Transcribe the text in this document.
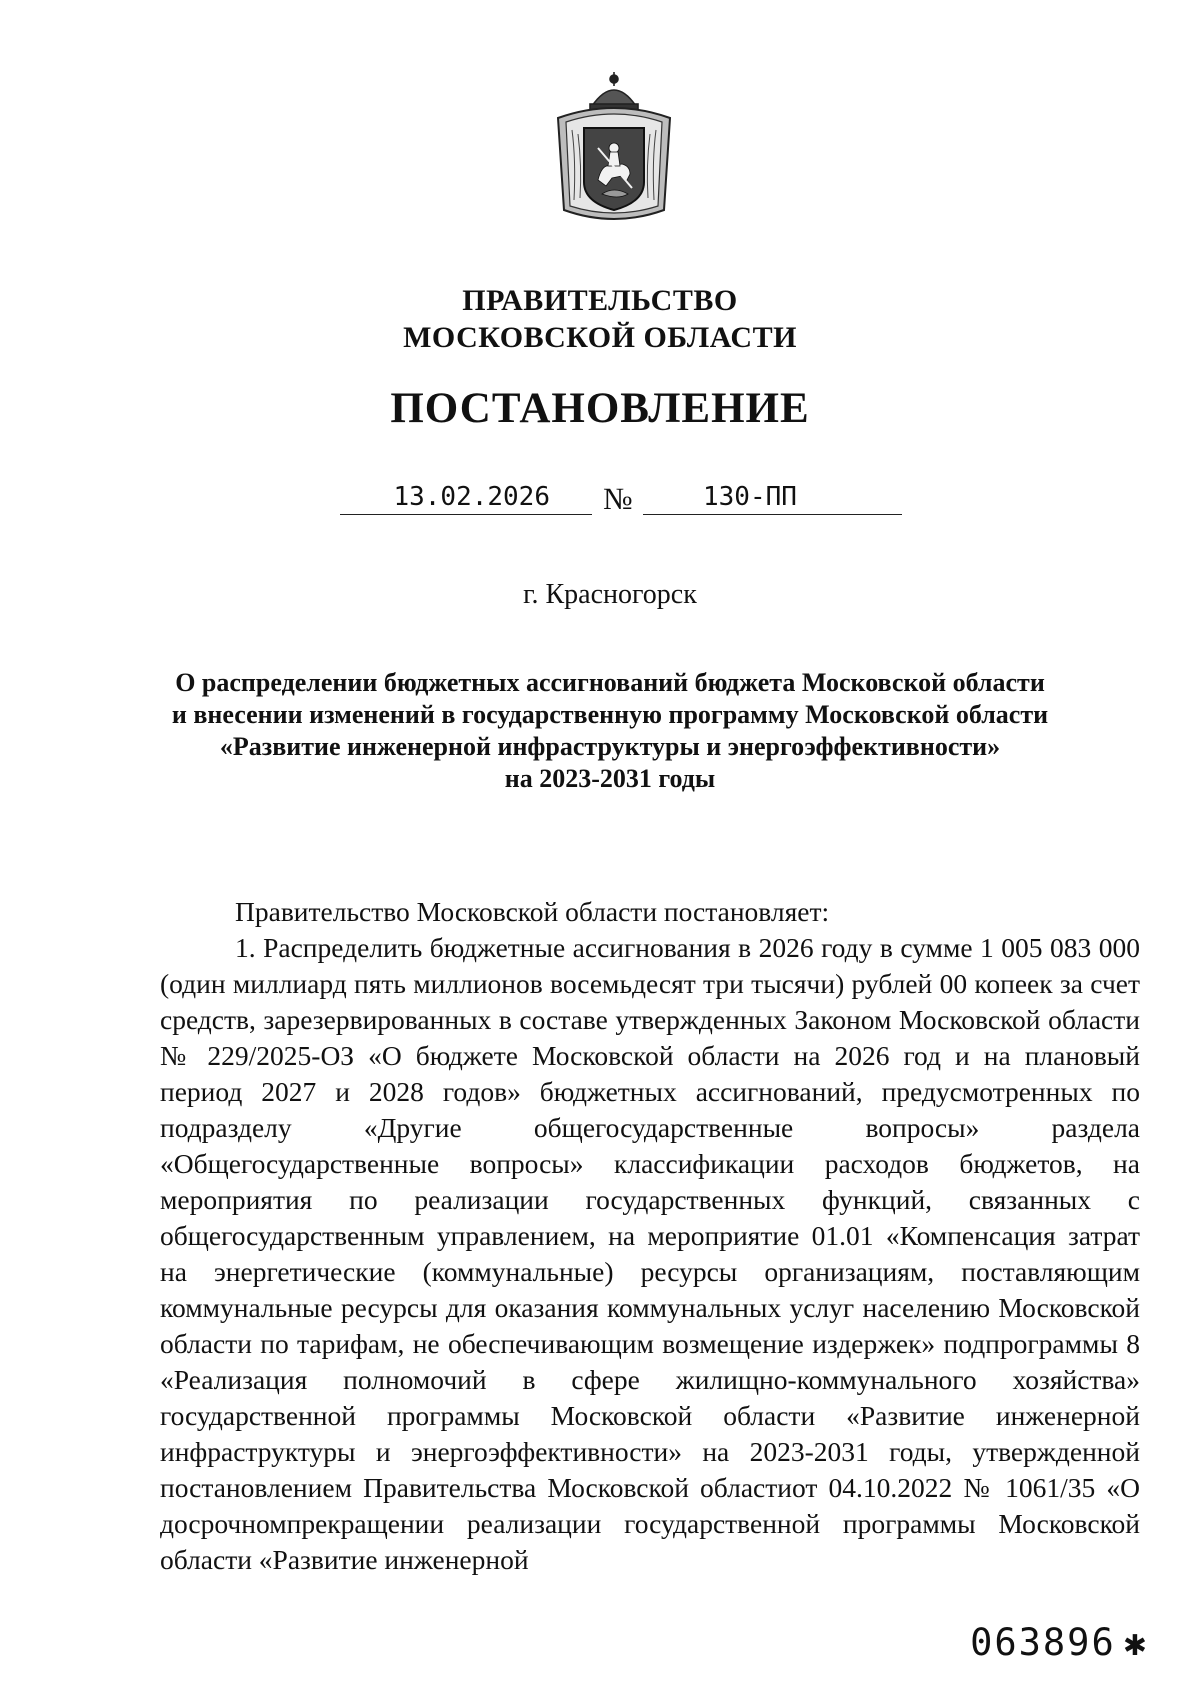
ПРАВИТЕЛЬСТВО
МОСКОВСКОЙ ОБЛАСТИ
ПОСТАНОВЛЕНИЕ
13.02.2026	№	130-ПП
г. Красногорск
О распределении бюджетных ассигнований бюджета Московской области
и внесении изменений в государственную программу Московской области
«Развитие инженерной инфраструктуры и энергоэффективности»
на 2023-2031 годы

Правительство Московской области постановляет:

1. Распределить бюджетные ассигнования в 2026 году в сумме 1 005 083 000 (один миллиард пять миллионов восемьдесят три тысячи) рублей 00 копеек за счет средств, зарезервированных в составе утвержденных Законом Московской области № 229/2025-ОЗ «О бюджете Московской области на 2026 год и на плановый период 2027 и 2028 годов» бюджетных ассигнований, предусмотренных по подразделу «Другие общегосударственные вопросы» раздела «Общегосударственные вопросы» классификации расходов бюджетов, на мероприятия по реализации государственных функций, связанных с общегосударственным управлением, на мероприятие 01.01 «Компенсация затрат на энергетические (коммунальные) ресурсы организациям, поставляющим коммунальные ресурсы для оказания коммунальных услуг населению Московской области по тарифам, не обеспечивающим возмещение издержек» подпрограммы 8 «Реализация полномочий в сфере жилищно-коммунального хозяйства» государственной программы Московской области «Развитие инженерной инфраструктуры и энергоэффективности» на 2023-2031 годы, утвержденной постановлением Правительства Московской областиот 04.10.2022 № 1061/35 «О досрочномпрекращении реализации государственной программы Московской области «Развитие инженерной

063896 ✱
